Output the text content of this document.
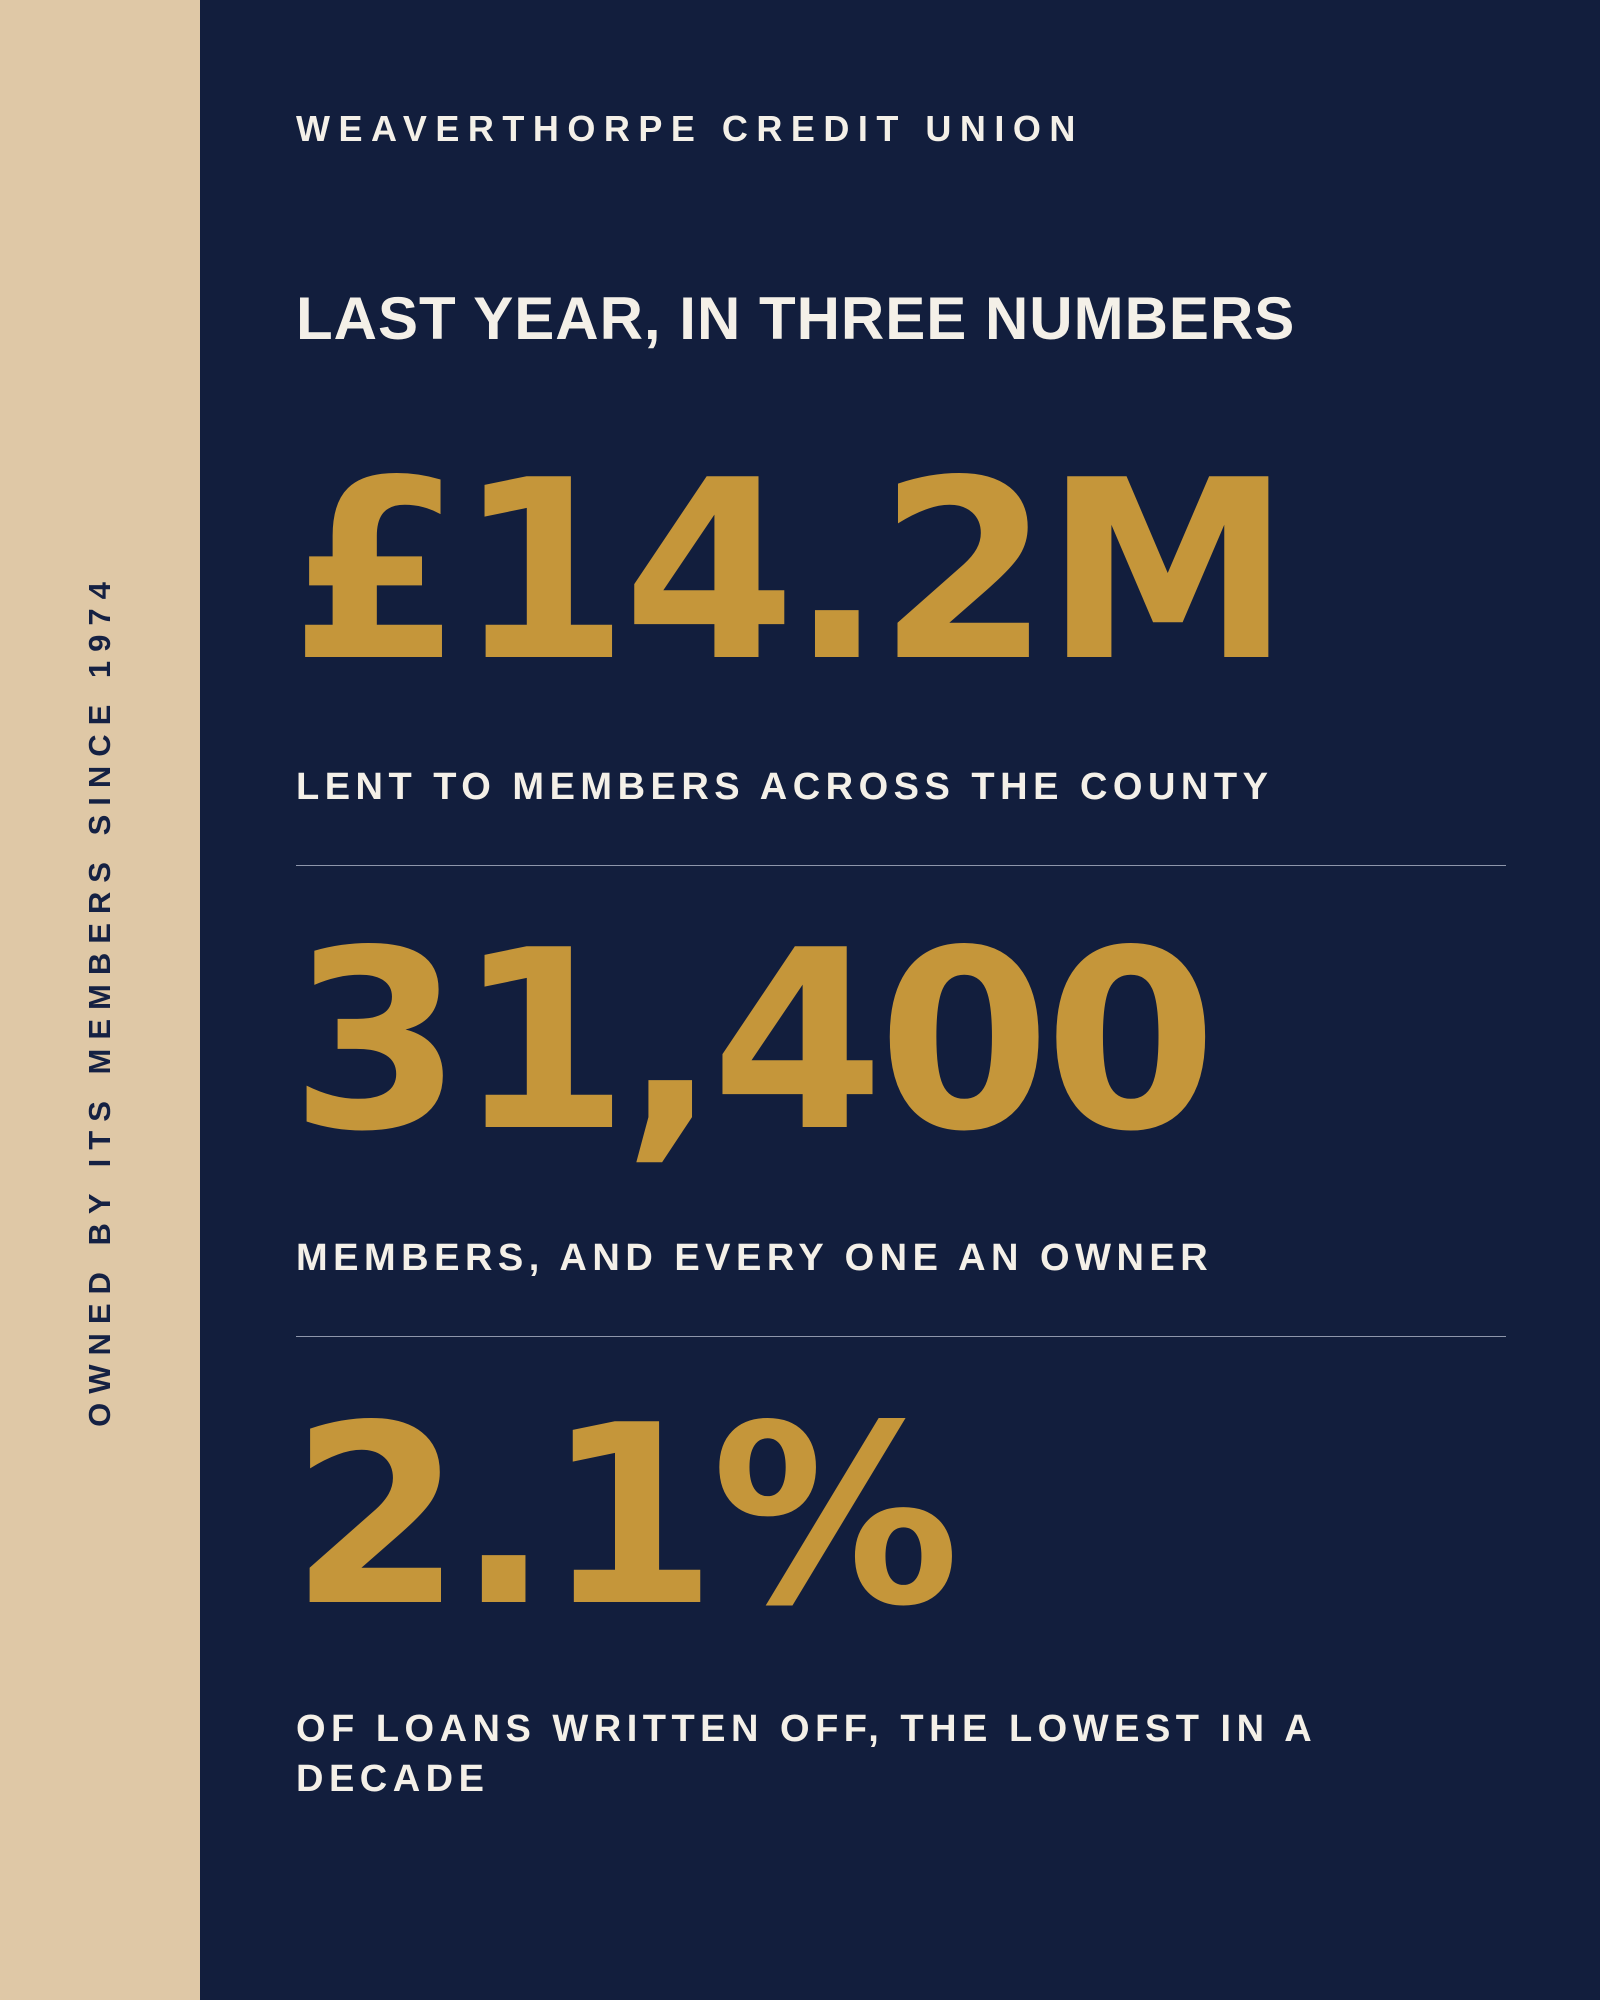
OWNED BY ITS MEMBERS SINCE 1974
WEAVERTHORPE CREDIT UNION
LAST YEAR, IN THREE NUMBERS
£14.2M
LENT TO MEMBERS ACROSS THE COUNTY
31,400
MEMBERS, AND EVERY ONE AN OWNER
2.1%
OF LOANS WRITTEN OFF, THE LOWEST IN A DECADE
